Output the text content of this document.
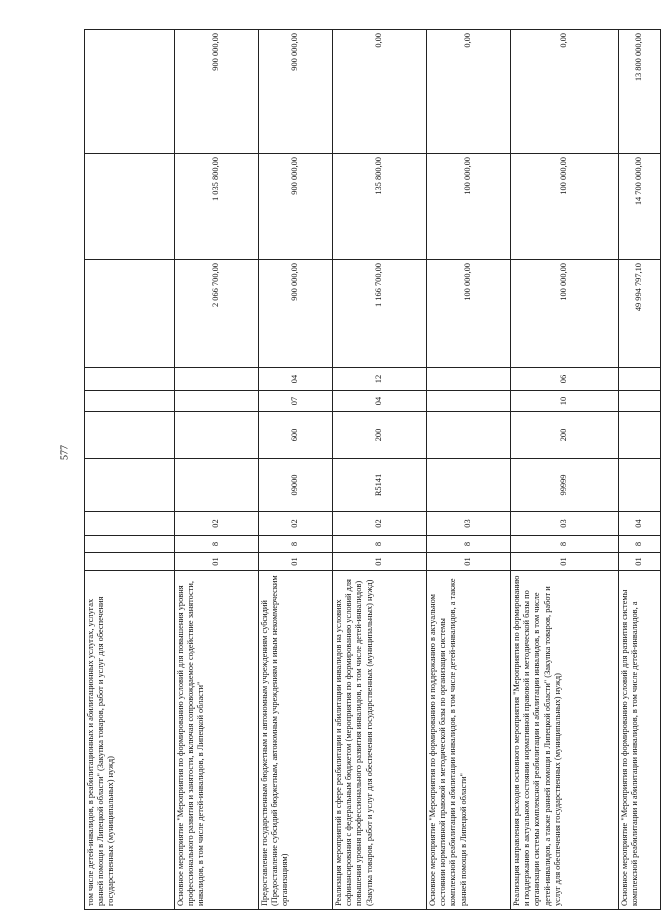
577
том числе детей-инвалидов, в реабилитационных и абилитационных услугах, услугах ранней помощи в Липецкой области" (Закупка товаров, работ и услуг для обеспечения государственных (муниципальных) нужд)										
Основное мероприятие "Мероприятия по формированию условий для повышения уровня профессионального развития и занятости, включая сопровождаемое содействие занятости, инвалидов, в том числе детей-инвалидов, в Липецкой области"	01	8	02					2 066 700,00	1 035 800,00	900 000,00
Предоставление государственным бюджетным и автономным учреждениям субсидий (Предоставление субсидий бюджетным, автономным учреждениям и иным некоммерческим организациям)	01	8	02	09000	600	07	04	900 000,00	900 000,00	900 000,00
Реализация мероприятий в сфере реабилитации и абилитации инвалидов на условиях софинансирования с федеральным бюджетом (мероприятия по формированию условий для повышения уровня профессионального развития инвалидов, в том числе детей-инвалидов) (Закупка товаров, работ и услуг для обеспечения государственных (муниципальных) нужд)	01	8	02	R5141	200	04	12	1 166 700,00	135 800,00	0,00
Основное мероприятие "Мероприятия по формированию и поддержанию в актуальном состоянии нормативной правовой и методической базы по организации системы комплексной реабилитации и абилитации инвалидов, в том числе детей-инвалидов, а также ранней помощи в Липецкой области"	01	8	03					100 000,00	100 000,00	0,00
Реализация направления расходов основного мероприятия "Мероприятия по формированию и поддержанию в актуальном состоянии нормативной правовой и методической базы по организации системы комплексной реабилитации и абилитации инвалидов, в том числе детей-инвалидов, а также ранней помощи в Липецкой области" (Закупка товаров, работ и услуг для обеспечения государственных (муниципальных) нужд)	01	8	03	99999	200	10	06	100 000,00	100 000,00	0,00
Основное мероприятие "Мероприятия по формированию условий для развития системы комплексной реабилитации и абилитации инвалидов, в том числе детей-инвалидов, а	01	8	04					49 994 797,10	14 700 000,00	13 800 000,00
